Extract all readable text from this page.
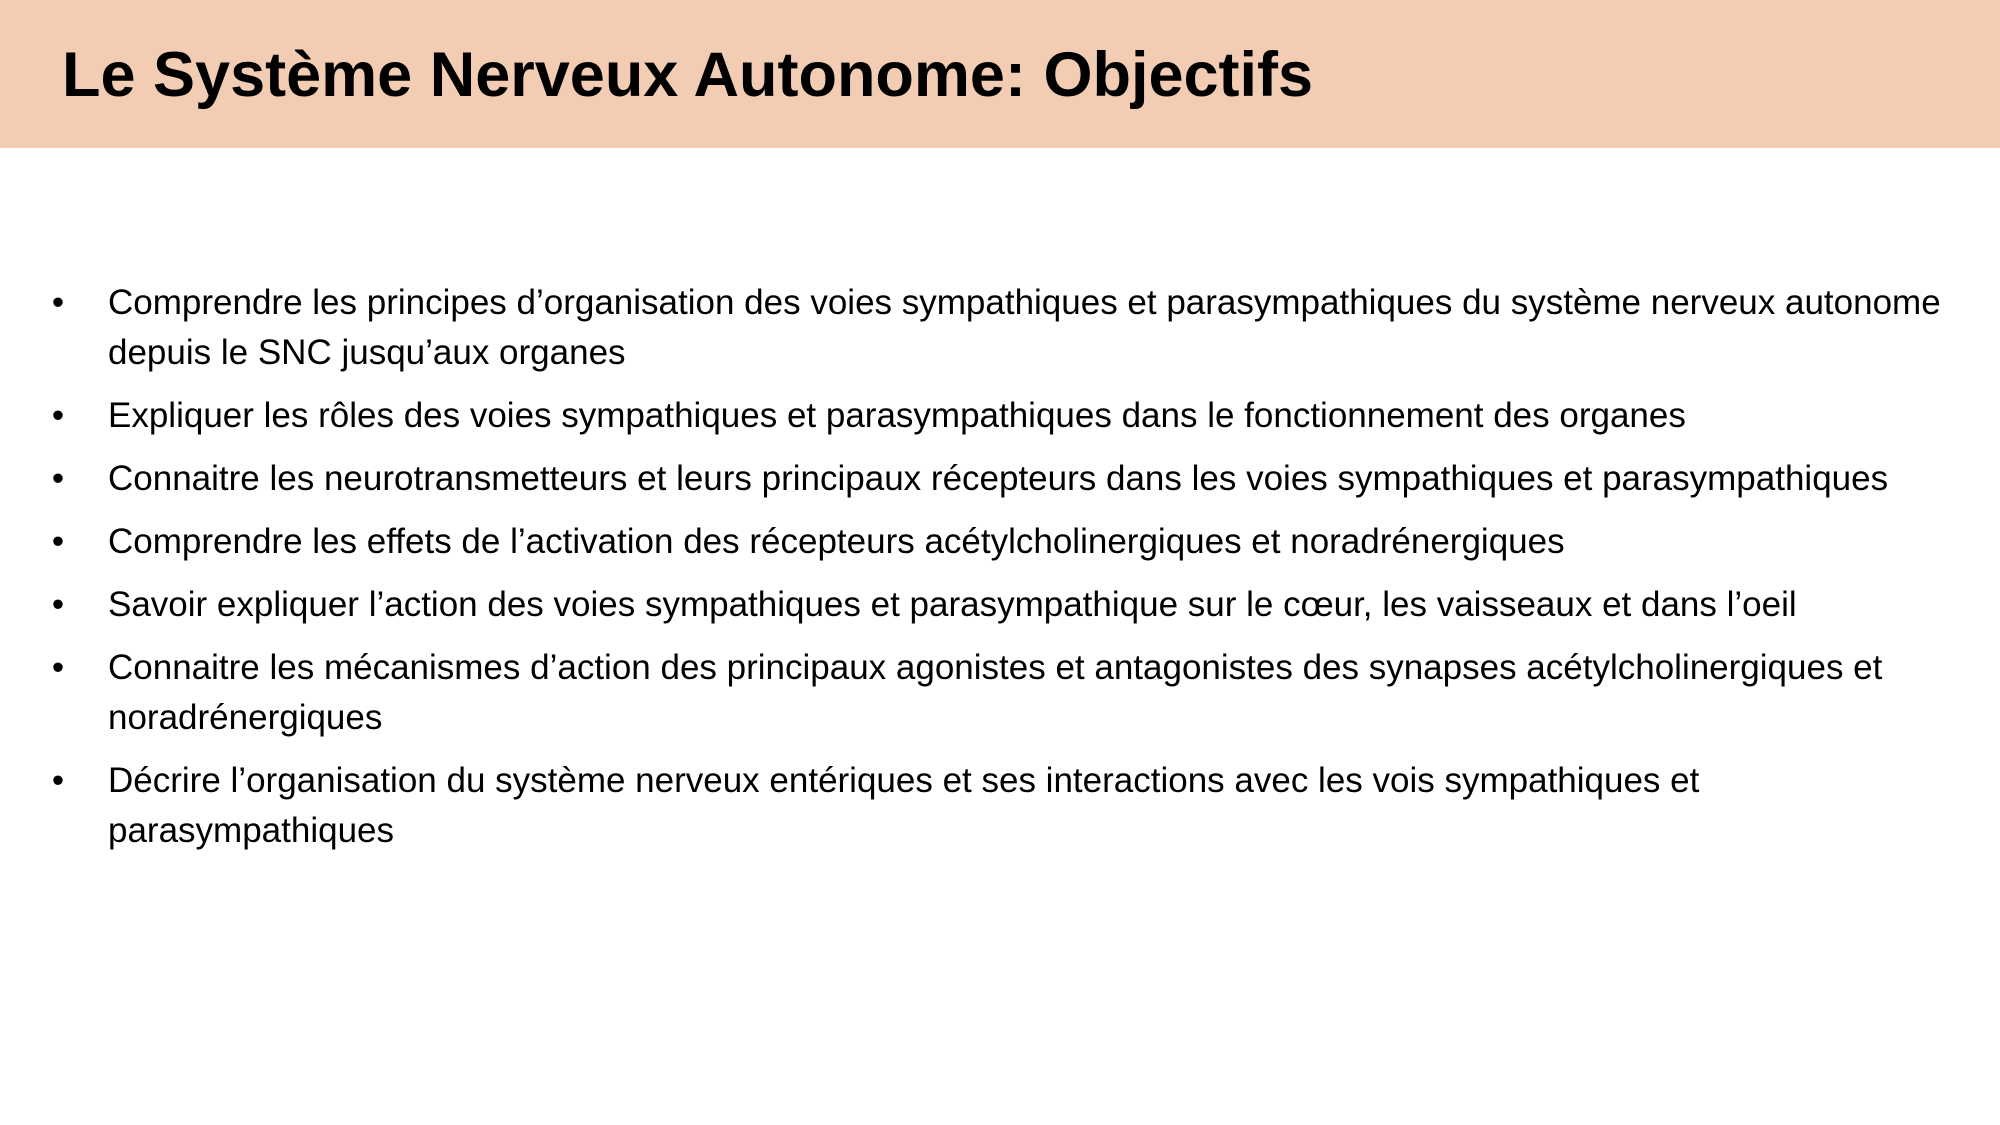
Le Système Nerveux Autonome: Objectifs
• Comprendre les principes d’organisation des voies sympathiques et parasympathiques du système nerveux autonome depuis le SNC jusqu’aux organes
• Expliquer les rôles des voies sympathiques et parasympathiques dans le fonctionnement des organes
• Connaitre les neurotransmetteurs et leurs principaux récepteurs dans les voies sympathiques et parasympathiques
• Comprendre les effets de l’activation des récepteurs acétylcholinergiques et noradrénergiques
• Savoir expliquer l’action des voies sympathiques et parasympathique sur le cœur, les vaisseaux et dans l’oeil
• Connaitre les mécanismes d’action des principaux agonistes et antagonistes des synapses acétylcholinergiques et noradrénergiques
• Décrire l’organisation du système nerveux entériques et ses interactions avec les vois sympathiques et parasympathiques
